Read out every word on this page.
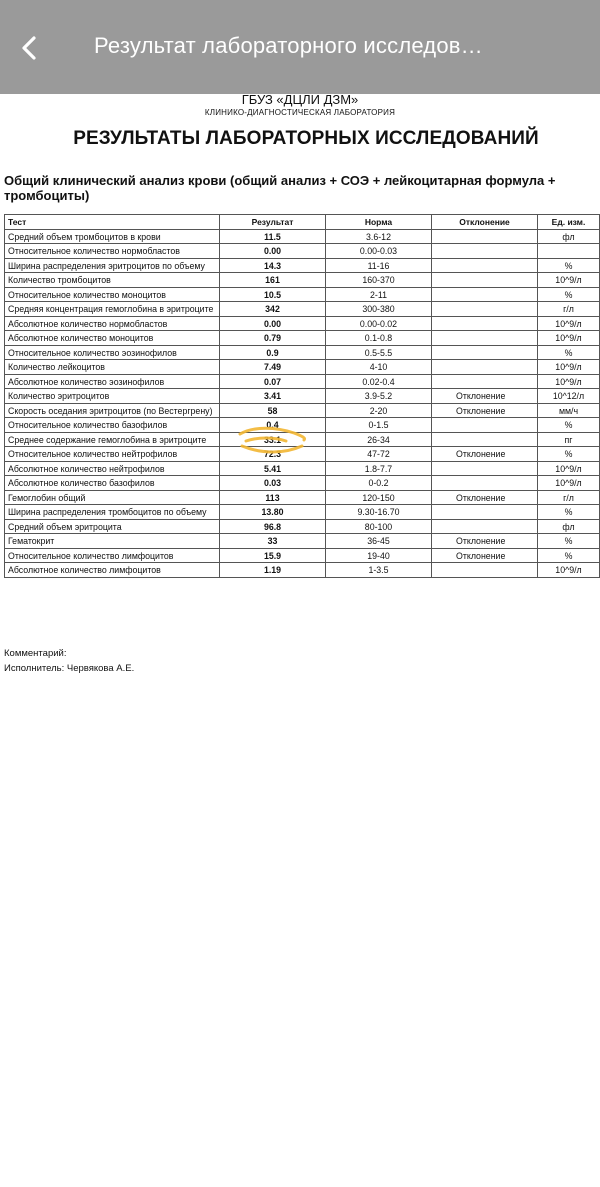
Результат лабораторного исследов…
ГБУЗ «ДЦЛИ ДЗМ»
КЛИНИКО-ДИАГНОСТИЧЕСКАЯ ЛАБОРАТОРИЯ
РЕЗУЛЬТАТЫ ЛАБОРАТОРНЫХ ИССЛЕДОВАНИЙ
Общий клинический анализ крови (общий анализ + СОЭ + лейкоцитарная формула + тромбоциты)
Тест	Результат	Норма	Отклонение	Ед. изм.
Средний объем тромбоцитов в крови	11.5	3.6-12		фл
Относительное количество нормобластов	0.00	0.00-0.03		
Ширина распределения эритроцитов по объему	14.3	11-16		%
Количество тромбоцитов	161	160-370		10^9/л
Относительное количество моноцитов	10.5	2-11		%
Средняя концентрация гемоглобина в эритроците	342	300-380		г/л
Абсолютное количество нормобластов	0.00	0.00-0.02		10^9/л
Абсолютное количество моноцитов	0.79	0.1-0.8		10^9/л
Относительное количество эозинофилов	0.9	0.5-5.5		%
Количество лейкоцитов	7.49	4-10		10^9/л
Абсолютное количество эозинофилов	0.07	0.02-0.4		10^9/л
Количество эритроцитов	3.41	3.9-5.2	Отклонение	10^12/л
Скорость оседания эритроцитов (по Вестергрену)	58	2-20	Отклонение	мм/ч
Относительное количество базофилов	0.4	0-1.5		%
Среднее содержание гемоглобина в эритроците	33.1	26-34		пг
Относительное количество нейтрофилов	72.3	47-72	Отклонение	%
Абсолютное количество нейтрофилов	5.41	1.8-7.7		10^9/л
Абсолютное количество базофилов	0.03	0-0.2		10^9/л
Гемоглобин общий	113	120-150	Отклонение	г/л
Ширина распределения тромбоцитов по объему	13.80	9.30-16.70		%
Средний объем эритроцита	96.8	80-100		фл
Гематокрит	33	36-45	Отклонение	%
Относительное количество лимфоцитов	15.9	19-40	Отклонение	%
Абсолютное количество лимфоцитов	1.19	1-3.5		10^9/л
Комментарий:
Исполнитель: Червякова А.Е.
